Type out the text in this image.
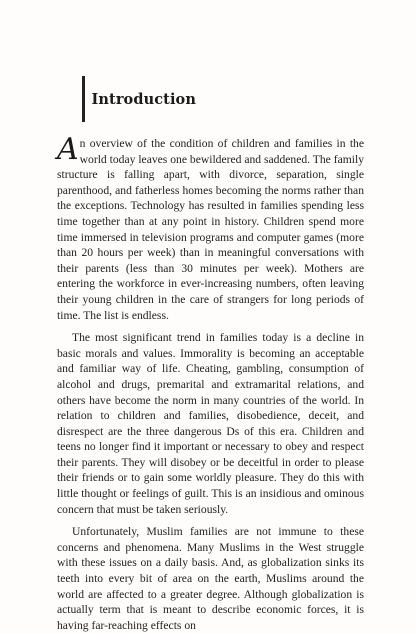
Introduction

An overview of the condition of children and families in the world today leaves one bewildered and saddened. The family structure is falling apart, with divorce, separation, single parenthood, and fatherless homes becoming the norms rather than the exceptions. Technology has resulted in families spending less time together than at any point in history. Children spend more time immersed in television programs and computer games (more than 20 hours per week) than in meaningful conversations with their parents (less than 30 minutes per week). Mothers are entering the workforce in ever-increasing numbers, often leaving their young children in the care of strangers for long periods of time. The list is endless.

The most significant trend in families today is a decline in basic morals and values. Immorality is becoming an acceptable and familiar way of life. Cheating, gambling, consumption of alcohol and drugs, premarital and extramarital relations, and others have become the norm in many countries of the world. In relation to children and families, disobedience, deceit, and disrespect are the three dangerous Ds of this era. Children and teens no longer find it important or necessary to obey and respect their parents. They will disobey or be deceitful in order to please their friends or to gain some worldly pleasure. They do this with little thought or feelings of guilt. This is an insidious and ominous concern that must be taken seriously.

Unfortunately, Muslim families are not immune to these concerns and phenomena. Many Muslims in the West struggle with these issues on a daily basis. And, as globalization sinks its teeth into every bit of area on the earth, Muslims around the world are affected to a greater degree. Although globalization is actually term that is meant to describe economic forces, it is having far-reaching effects on
